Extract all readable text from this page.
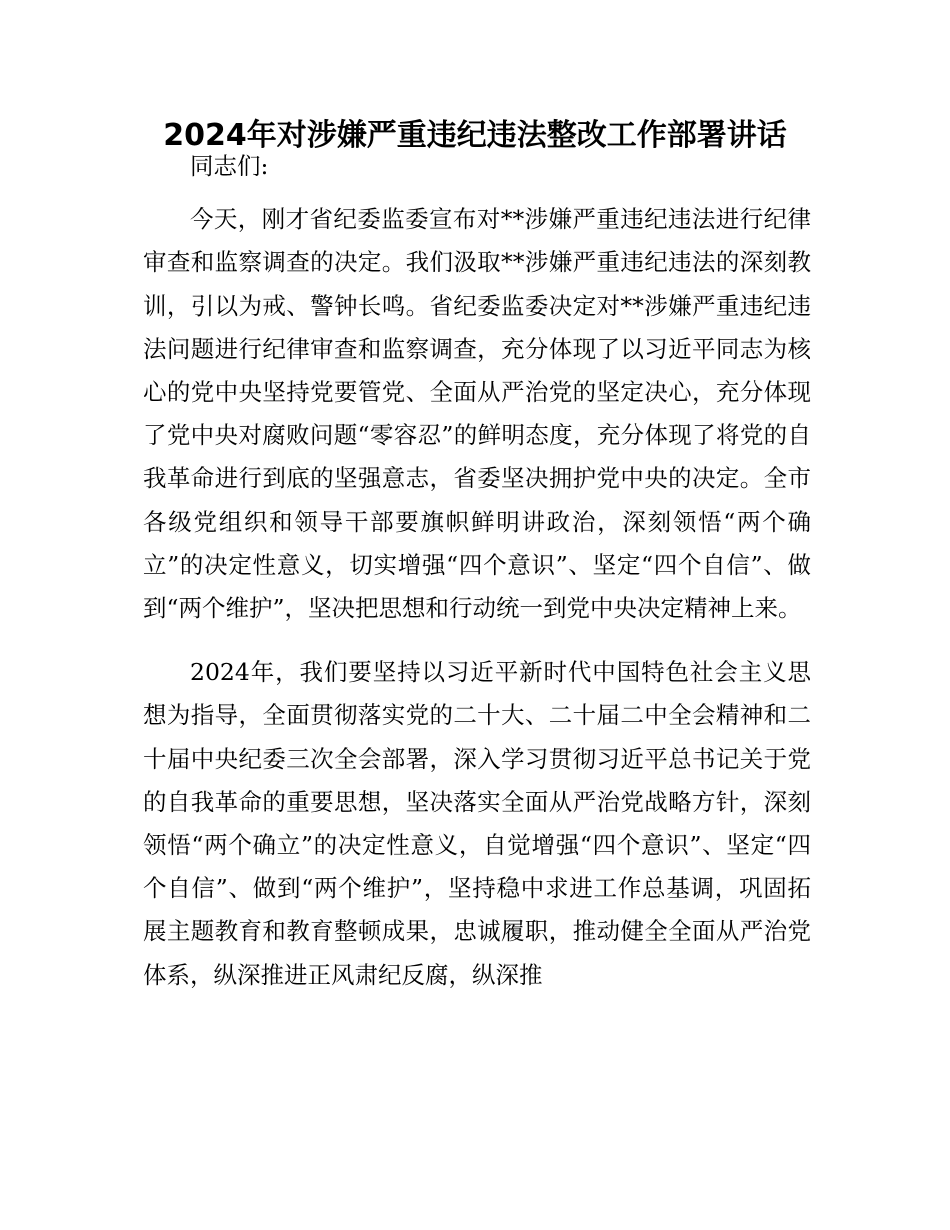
2024年对涉嫌严重违纪违法整改工作部署讲话

同志们:

今天，刚才省纪委监委宣布对**涉嫌严重违纪违法进行纪律审查和监察调查的决定。我们汲取**涉嫌严重违纪违法的深刻教训，引以为戒、警钟长鸣。省纪委监委决定对**涉嫌严重违纪违法问题进行纪律审查和监察调查，充分体现了以习近平同志为核心的党中央坚持党要管党、全面从严治党的坚定决心，充分体现了党中央对腐败问题“零容忍”的鲜明态度，充分体现了将党的自我革命进行到底的坚强意志，省委坚决拥护党中央的决定。全市各级党组织和领导干部要旗帜鲜明讲政治，深刻领悟“两个确立”的决定性意义，切实增强“四个意识”、坚定“四个自信”、做到“两个维护”，坚决把思想和行动统一到党中央决定精神上来。

2024年，我们要坚持以习近平新时代中国特色社会主义思想为指导，全面贯彻落实党的二十大、二十届二中全会精神和二十届中央纪委三次全会部署，深入学习贯彻习近平总书记关于党的自我革命的重要思想，坚决落实全面从严治党战略方针，深刻领悟“两个确立”的决定性意义，自觉增强“四个意识”、坚定“四个自信”、做到“两个维护”，坚持稳中求进工作总基调，巩固拓展主题教育和教育整顿成果，忠诚履职，推动健全全面从严治党体系，纵深推进正风肃纪反腐，纵深推
